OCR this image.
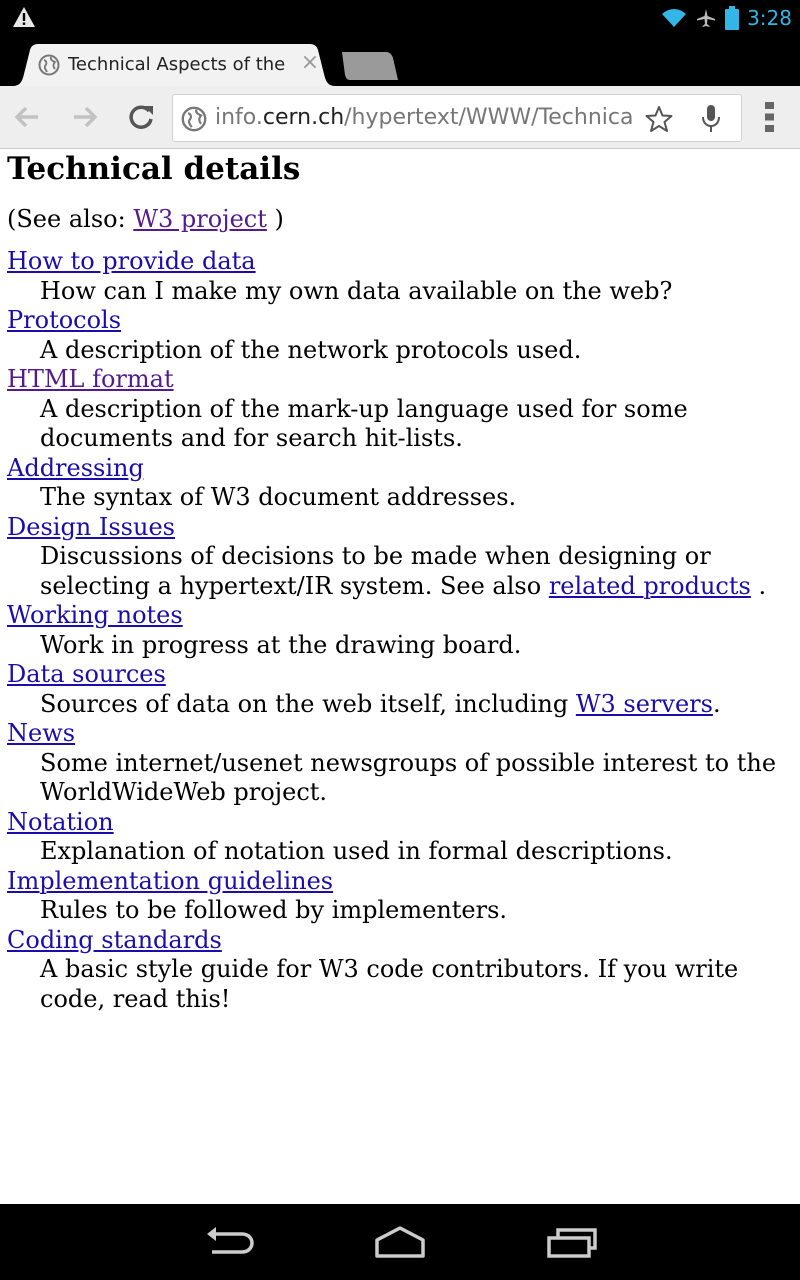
3:28
Technical Aspects of the ×
info.cern.ch/hypertext/WWW/Technica
Technical details
(See also: W3 project )
How to provide data
How can I make my own data available on the web?
Protocols
A description of the network protocols used.
HTML format
A description of the mark-up language used for some documents and for search hit-lists.
Addressing
The syntax of W3 document addresses.
Design Issues
Discussions of decisions to be made when designing or selecting a hypertext/IR system. See also related products .
Working notes
Work in progress at the drawing board.
Data sources
Sources of data on the web itself, including W3 servers.
News
Some internet/usenet newsgroups of possible interest to the WorldWideWeb project.
Notation
Explanation of notation used in formal descriptions.
Implementation guidelines
Rules to be followed by implementers.
Coding standards
A basic style guide for W3 code contributors. If you write code, read this!
